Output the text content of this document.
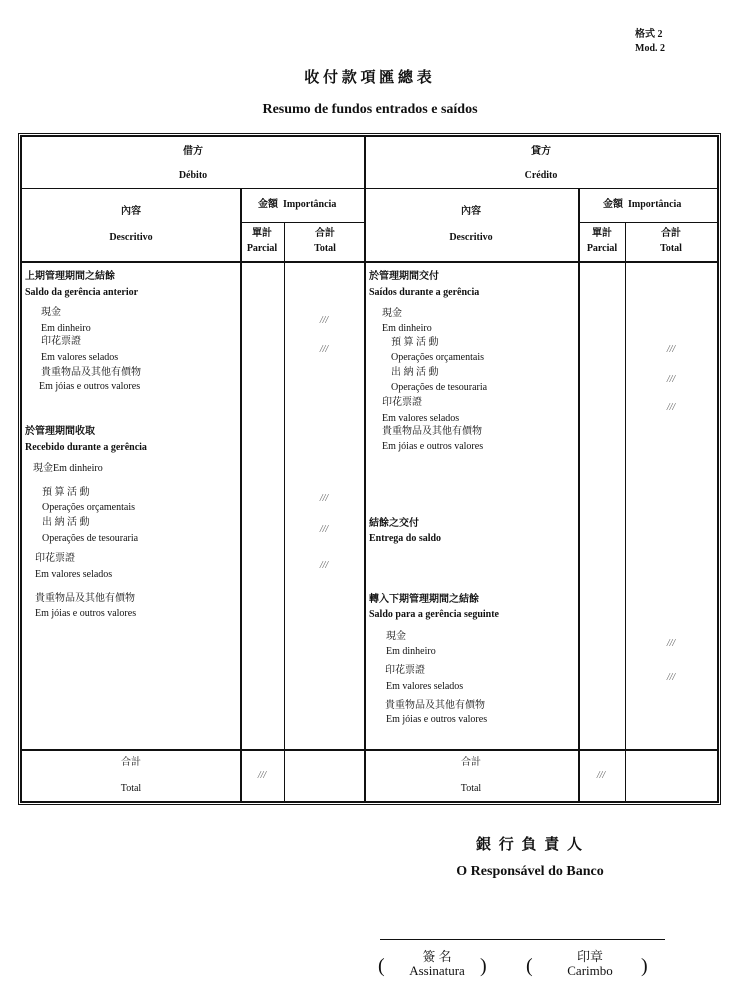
格式 2
Mod. 2
收 付 款 項 匯 總 表
Resumo de fundos entrados e saídos
借方
Débito
貸方
Crédito
內容
Descritivo
金額 Importância
單計
Parcial
合計
Total
內容
Descritivo
金額 Importância
單計
Parcial
合計
Total
上期管理期間之結餘
Saldo da gerência anterior
現金
Em dinheiro
印花票證
Em valores selados
貴重物品及其他有價物
Em jóias e outros valores
於管理期間收取
Recebido durante a gerência
現金Em dinheiro
預 算 活 動
Operações orçamentais
出 納 活 動
Operações de tesouraria
印花票證
Em valores selados
貴重物品及其他有價物
Em jóias e outros valores
於管理期間交付
Saídos durante a gerência
現金
Em dinheiro
預 算 活 動
Operações orçamentais
出 納 活 動
Operações de tesouraria
印花票證
Em valores selados
貴重物品及其他有價物
Em jóias e outros valores
結餘之交付
Entrega do saldo
轉入下期管理期間之結餘
Saldo para a gerência seguinte
現金
Em dinheiro
印花票證
Em valores selados
貴重物品及其他有價物
Em jóias e outros valores
///
///
///
///
///
///
///
///
///
///
合計
Total
///
合計
Total
///
銀 行 負 責 人
O Responsável do Banco
(	簽 名
Assinatura ) (	印章
Carimbo )
